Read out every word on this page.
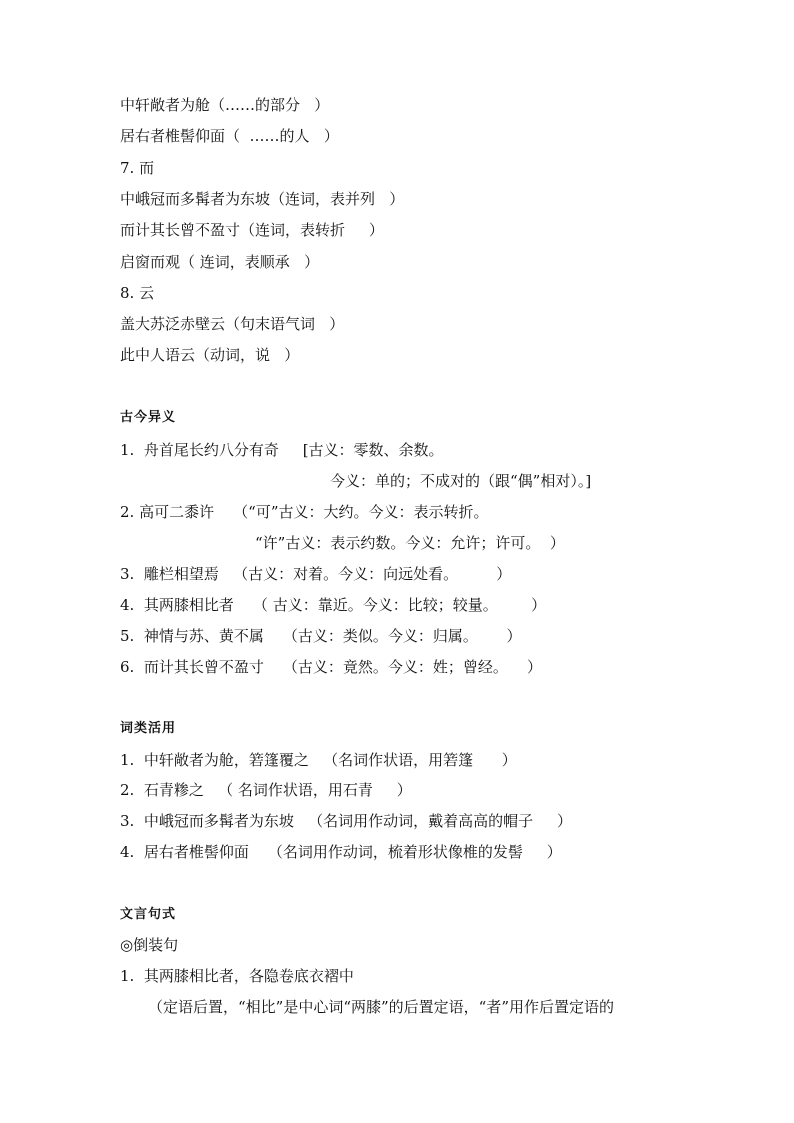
中轩敞者为舱（……的部分   ）
居右者椎髻仰面（  ……的人   ）
7. 而
中峨冠而多髯者为东坡（连词，表并列   ）
而计其长曾不盈寸（连词，表转折     ）
启窗而观（ 连词，表顺承   ）
8. 云
盖大苏泛赤壁云（句末语气词   ）
此中人语云（动词，说   ）
古今异义
1.  舟首尾长约八分有奇     [古义：零数、余数。
今义：单的；不成对的（跟“偶”相对）。]
2. 高可二黍许    （“可”古义：大约。今义：表示转折。
“许”古义：表示约数。今义：允许；许可。  ）
3.  雕栏相望焉   （古义：对着。今义：向远处看。        ）
4.  其两膝相比者    （ 古义：靠近。今义：比较；较量。       ）
5.  神情与苏、黄不属    （古义：类似。今义：归属。      ）
6.  而计其长曾不盈寸    （古义：竟然。今义：姓；曾经。    ）
词类活用
1.  中轩敞者为舱，箬篷覆之   （名词作状语，用箬篷      ）
2.  石青糁之   （ 名词作状语，用石青     ）
3.  中峨冠而多髯者为东坡   （名词用作动词，戴着高高的帽子     ）
4.  居右者椎髻仰面    （名词用作动词，梳着形状像椎的发髻     ）
文言句式
◎倒装句
1.  其两膝相比者，各隐卷底衣褶中
（定语后置，“相比”是中心词“两膝”的后置定语，“者”用作后置定语的
